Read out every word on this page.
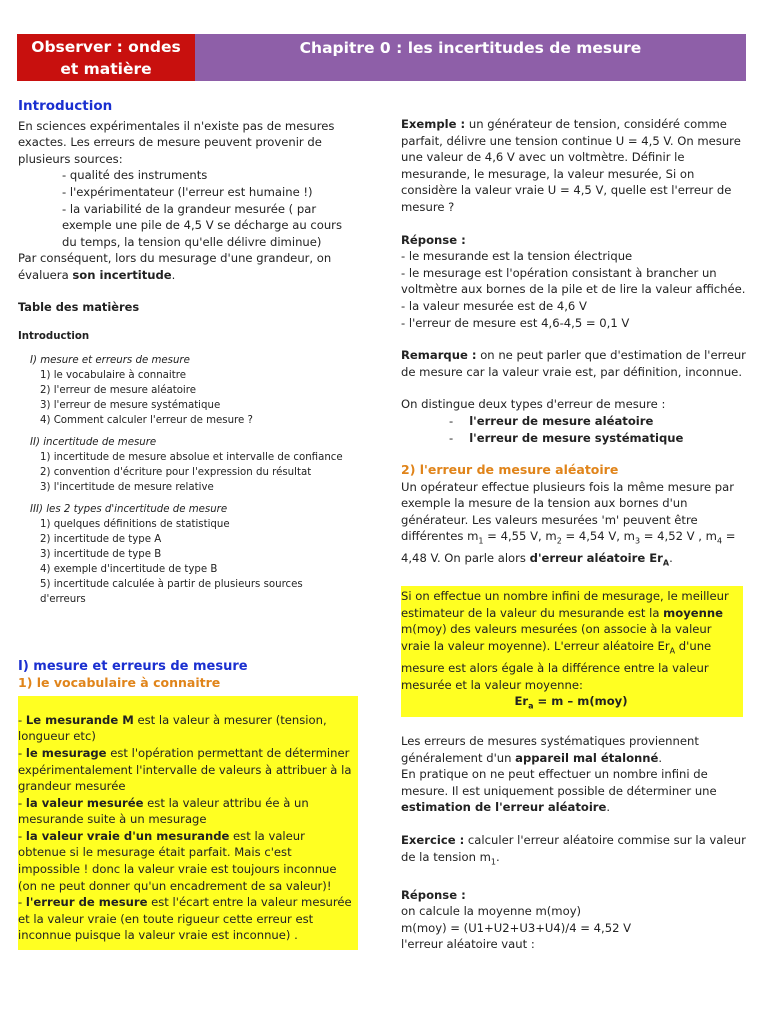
Observer : ondes
et matière
Chapitre 0 : les incertitudes de mesure
Introduction

En sciences expérimentales il n'existe pas de mesures exactes. Les erreurs de mesure peuvent provenir de plusieurs sources:

- qualité des instruments

- l'expérimentateur (l'erreur est humaine !)

- la variabilité de la grandeur mesurée ( par exemple une pile de 4,5 V se décharge au cours du temps, la tension qu'elle délivre diminue)

Par conséquent, lors du mesurage d'une grandeur, on évaluera son incertitude.

Table des matières
Introduction
I) mesure et erreurs de mesure
1) le vocabulaire à connaitre
2) l'erreur de mesure aléatoire
3) l'erreur de mesure systématique
4) Comment calculer l'erreur de mesure ?
II) incertitude de mesure
1) incertitude de mesure absolue et intervalle de confiance
2) convention d'écriture pour l'expression du résultat
3) l'incertitude de mesure relative
III) les 2 types d'incertitude de mesure
1) quelques définitions de statistique
2) incertitude de type A
3) incertitude de type B
4) exemple d'incertitude de type B
5) incertitude calculée à partir de plusieurs sources d'erreurs
I) mesure et erreurs de mesure
1) le vocabulaire à connaitre

- Le mesurande M est la valeur à mesurer (tension, longueur etc)

- le mesurage est l'opération permettant de déterminer expérimentalement l'intervalle de valeurs à attribuer à la grandeur mesurée

- la valeur mesurée est la valeur attribu ée à un mesurande suite à un mesurage

- la valeur vraie d'un mesurande est la valeur obtenue si le mesurage était parfait. Mais c'est impossible ! donc la valeur vraie est toujours inconnue (on ne peut donner qu'un encadrement de sa valeur)!

- l'erreur de mesure est l'écart entre la valeur mesurée et la valeur vraie (en toute rigueur cette erreur est inconnue puisque la valeur vraie est inconnue) .

Exemple : un générateur de tension, considéré comme parfait, délivre une tension continue U = 4,5 V. On mesure une valeur de 4,6 V avec un voltmètre. Définir le mesurande, le mesurage, la valeur mesurée, Si on considère la valeur vraie U = 4,5 V, quelle est l'erreur de mesure ?

Réponse :

- le mesurande est la tension électrique

- le mesurage est l'opération consistant à brancher un voltmètre aux bornes de la pile et de lire la valeur affichée.

- la valeur mesurée est de 4,6 V

- l'erreur de mesure est 4,6-4,5 = 0,1 V

Remarque : on ne peut parler que d'estimation de l'erreur de mesure car la valeur vraie est, par définition, inconnue.

On distingue deux types d'erreur de mesure :

- l'erreur de mesure aléatoire

- l'erreur de mesure systématique

2) l'erreur de mesure aléatoire

Un opérateur effectue plusieurs fois la même mesure par exemple la mesure de la tension aux bornes d'un générateur. Les valeurs mesurées 'm' peuvent être différentes $m_1 = 4,55$ V, $m_2 = 4,54$ V, $m_3 = 4,52$ V , $m_4 = 4,48$ V. On parle alors d'erreur aléatoire $Er_A$.

Si on effectue un nombre infini de mesurage, le meilleur estimateur de la valeur du mesurande est la moyenne m(moy) des valeurs mesurées (on associe à la valeur vraie la valeur moyenne). L'erreur aléatoire $Er_A$ d'une mesure est alors égale à la différence entre la valeur mesurée et la valeur moyenne:

$Er_a = m - m(moy)$

Les erreurs de mesures systématiques proviennent généralement d'un appareil mal étalonné.

En pratique on ne peut effectuer un nombre infini de mesure. Il est uniquement possible de déterminer une estimation de l'erreur aléatoire.

Exercice : calculer l'erreur aléatoire commise sur la valeur de la tension $m_1$.

Réponse :

on calcule la moyenne m(moy)

m(moy) = (U1+U2+U3+U4)/4 = 4,52 V

l'erreur aléatoire vaut :
